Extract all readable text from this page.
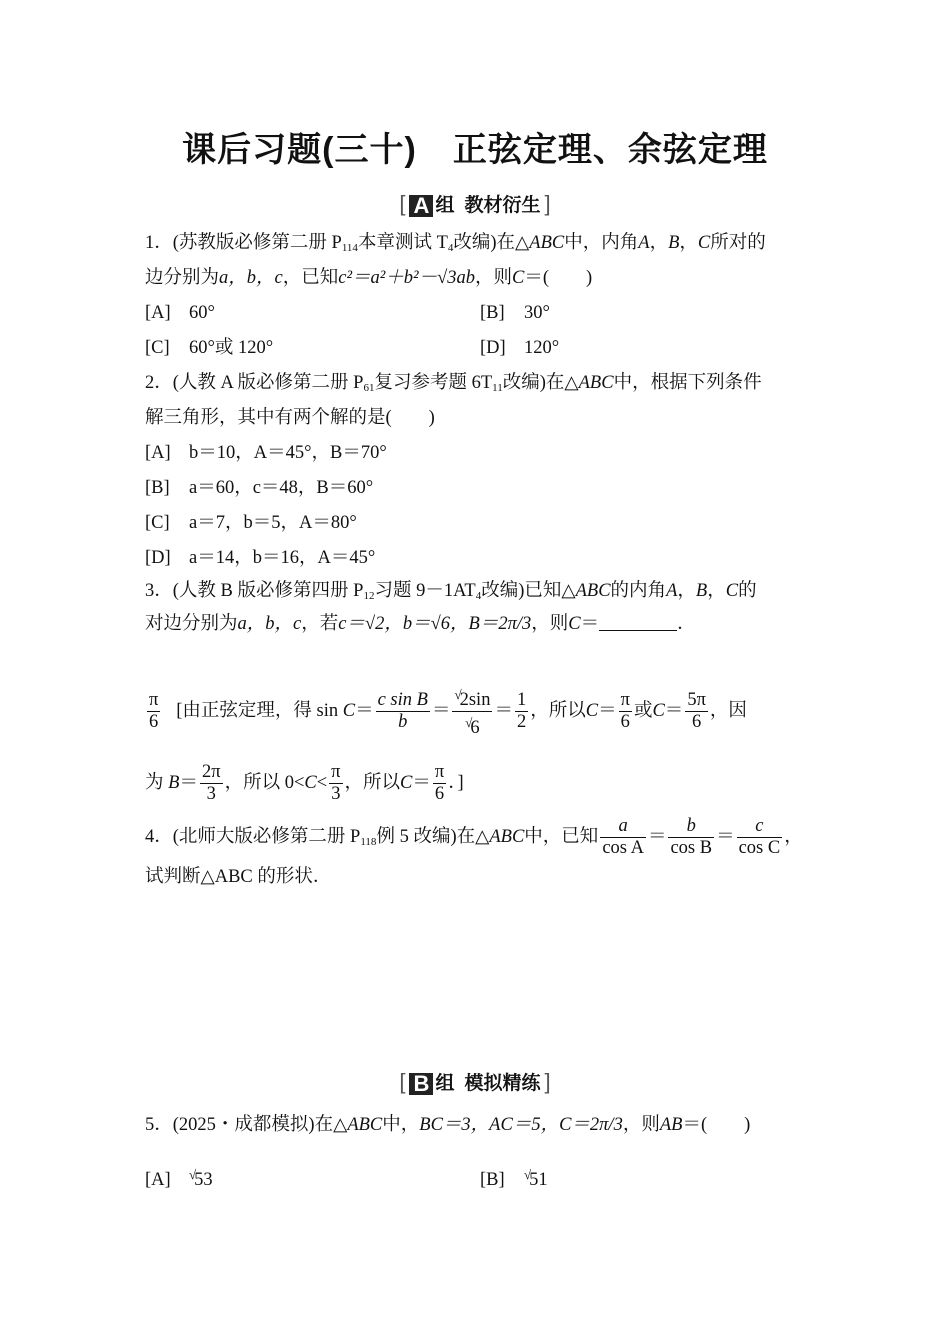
课后习题(三十) 正弦定理、余弦定理
[ A 组 教材衍生 ]
1．(苏教版必修第二册 $P_{114}$本章测试 $T_4$改编)在△ABC中，内角A，B，C所对的
边分别为a，b，c，已知c²＝a²＋b²－√3ab，则C＝(　　)
[A] 60°	[B] 30°
[C] 60°或 120°	[D] 120°
2．(人教 A 版必修第二册 $P_{61}$复习参考题 $6T_{11}$改编)在△ABC中，根据下列条件
解三角形，其中有两个解的是(　　)
[A] b＝10，A＝45°，B＝70°
[B] a＝60，c＝48，B＝60°
[C] a＝7，b＝5，A＝80°
[D] a＝14，b＝16，A＝45°
3．(人教 B 版必修第四册 $P_{12}$习题 $9-1AT_4$改编)已知△ABC的内角A，B，C的
对边分别为a，b，c，若c＝√2，b＝√6，B＝2π/3，则C＝	．
$\frac{\pi}{6}$ [由正弦定理，得 $\sin C= \frac{\text{c sin B}}{b} = \frac{^√2\sin}{^√6} = \frac{1}{2}$ ，所以$C= \frac{\pi}{6}$ 或$C= \frac{5\pi}{6}$ ，因
为 $B= \frac{2\pi}{3}$ ，所以 $0<C< \frac{\pi}{3}$ ，所以$C= \frac{\pi}{6}$ ．]
4．(北师大版必修第二册 $P_{118}$例 5 改编)在△ABC中，已知 $\frac{a}{\text{cos A}} = \frac{b}{\text{cos B}} = \frac{c}{\text{cos C}}$ ，
试判断△ABC 的形状．
[ B 组 模拟精练 ]
5．(2025・成都模拟)在△ABC中，BC＝3，AC＝5，C＝2π/3，则AB＝(　　)
[A] √53	[B] √51
